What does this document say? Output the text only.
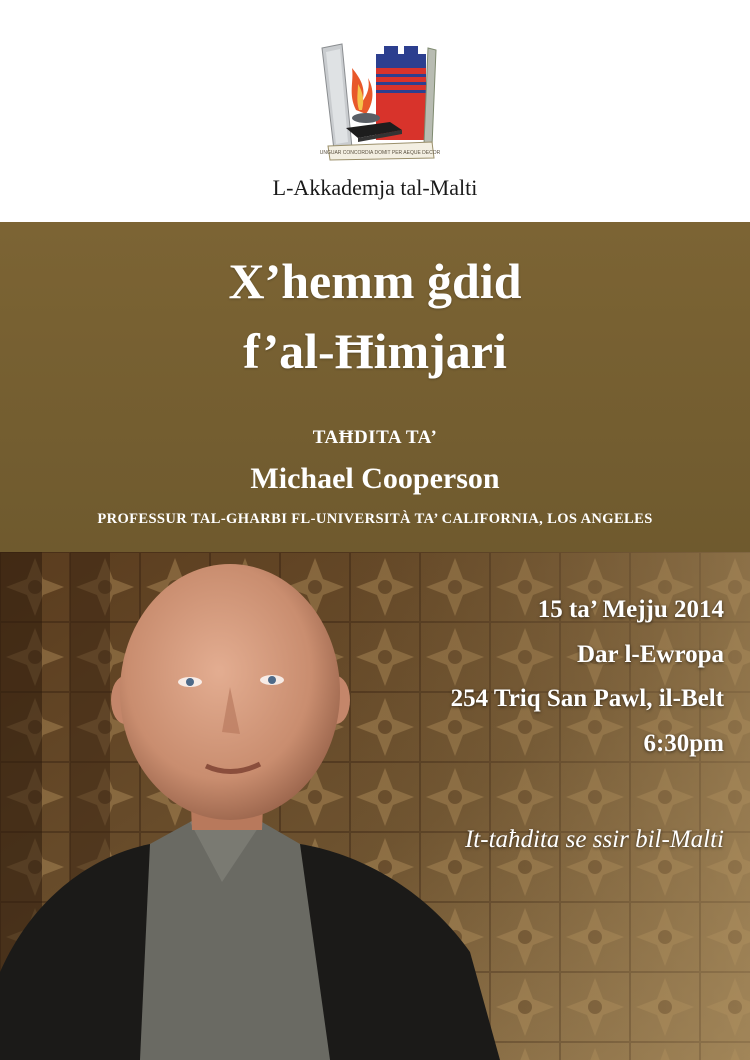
UNGUAR CONCORDIA DOMIT PER AEQUE DECOR
L-Akkademja tal-Malti
X’hemm ġdid
f’al-Ħimjari
TAĦDITA TA’
Michael Cooperson
PROFESSUR TAL-GHARBI FL-UNIVERSITÀ TA’ CALIFORNIA, LOS ANGELES
15 ta’ Mejju 2014
Dar l-Ewropa
254 Triq San Pawl, il-Belt
6:30pm
It-taħdita se ssir bil-Malti
